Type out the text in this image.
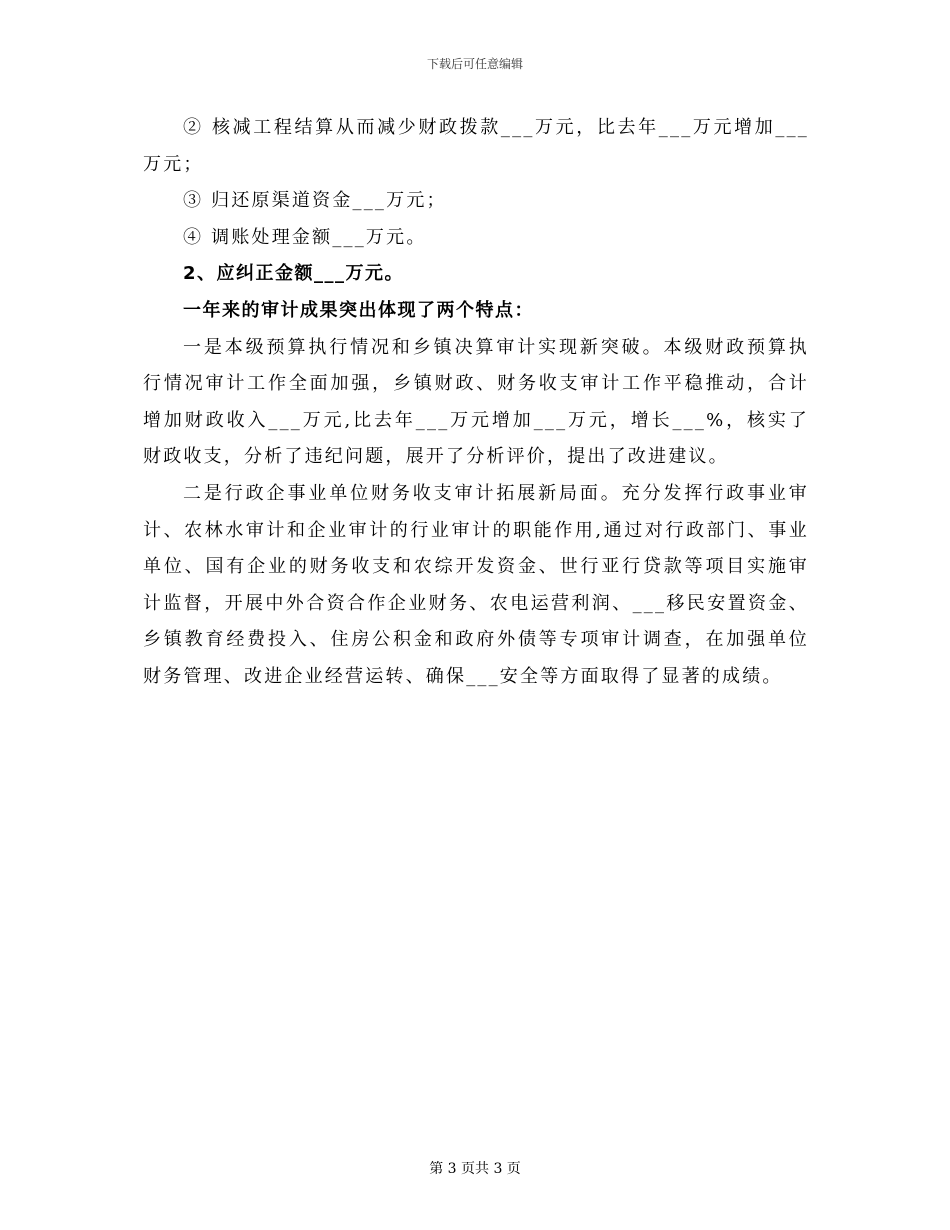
下载后可任意编辑

② 核减工程结算从而减少财政拨款___万元，比去年___万元增加___万元；

③ 归还原渠道资金___万元；

④ 调账处理金额___万元。

2、应纠正金额___万元。

一年来的审计成果突出体现了两个特点：

一是本级预算执行情况和乡镇决算审计实现新突破。本级财政预算执行情况审计工作全面加强，乡镇财政、财务收支审计工作平稳推动，合计增加财政收入___万元,比去年___万元增加___万元，增长___%，核实了财政收支，分析了违纪问题，展开了分析评价，提出了改进建议。

二是行政企事业单位财务收支审计拓展新局面。充分发挥行政事业审计、农林水审计和企业审计的行业审计的职能作用,通过对行政部门、事业单位、国有企业的财务收支和农综开发资金、世行亚行贷款等项目实施审计监督，开展中外合资合作企业财务、农电运营利润、___移民安置资金、乡镇教育经费投入、住房公积金和政府外债等专项审计调查，在加强单位财务管理、改进企业经营运转、确保___安全等方面取得了显著的成绩。

第 3 页共 3 页
